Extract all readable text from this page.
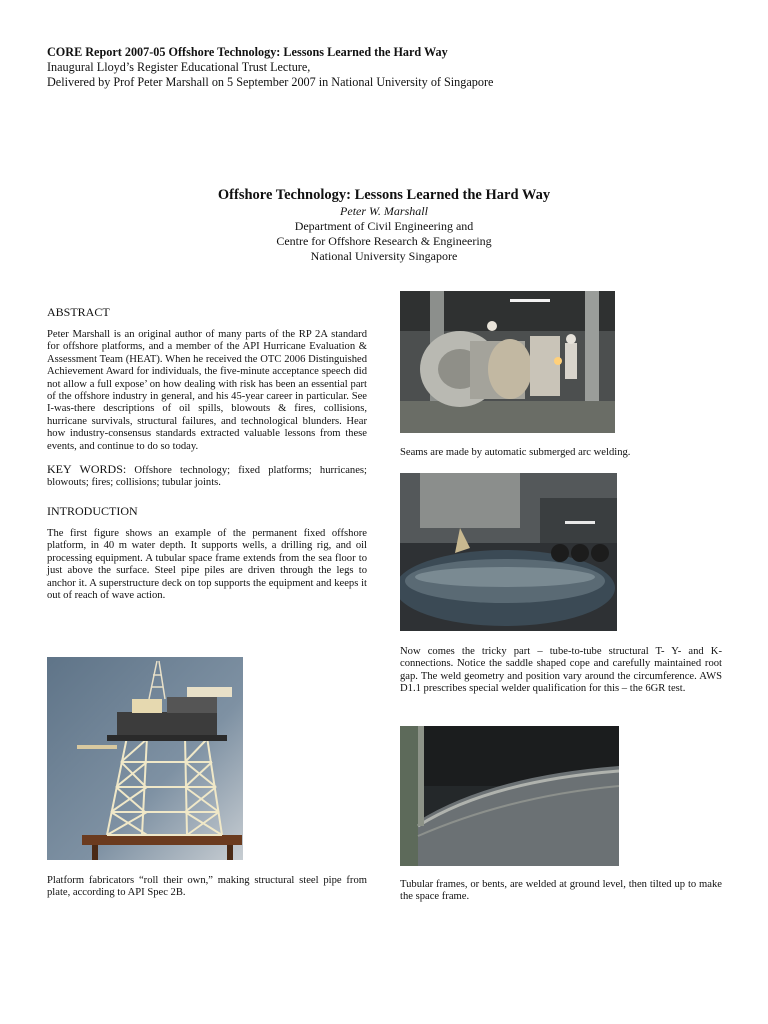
CORE Report 2007-05 Offshore Technology: Lessons Learned the Hard Way
Inaugural Lloyd’s Register Educational Trust Lecture,
Delivered by Prof Peter Marshall on 5 September 2007 in National University of Singapore
Offshore Technology: Lessons Learned the Hard Way
Peter W. Marshall
Department of Civil Engineering and
Centre for Offshore Research & Engineering
National University Singapore
ABSTRACT
Peter Marshall is an original author of many parts of the RP 2A standard for offshore platforms, and a member of the API Hurricane Evaluation & Assessment Team (HEAT). When he received the OTC 2006 Distinguished Achievement Award for individuals, the five-minute acceptance speech did not allow a full expose’ on how dealing with risk has been an essential part of the offshore industry in general, and his 45-year career in particular. See I-was-there descriptions of oil spills, blowouts & fires, collisions, hurricane survivals, structural failures, and technological blunders. Hear how industry-consensus standards extracted valuable lessons from these events, and continue to do so today.
KEY WORDS: Offshore technology; fixed platforms; hurricanes; blowouts; fires; collisions; tubular joints.
INTRODUCTION
The first figure shows an example of the permanent fixed offshore platform, in 40 m water depth. It supports wells, a drilling rig, and oil processing equipment. A tubular space frame extends from the sea floor to just above the surface. Steel pipe piles are driven through the legs to anchor it. A superstructure deck on top supports the equipment and keeps it out of reach of wave action.
Platform fabricators “roll their own,” making structural steel pipe from plate, according to API Spec 2B.
Seams are made by automatic submerged arc welding.
Now comes the tricky part – tube-to-tube structural T- Y- and K-connections. Notice the saddle shaped cope and carefully maintained root gap. The weld geometry and position vary around the circumference. AWS D1.1 prescribes special welder qualification for this – the 6GR test.
Tubular frames, or bents, are welded at ground level, then tilted up to make the space frame.
